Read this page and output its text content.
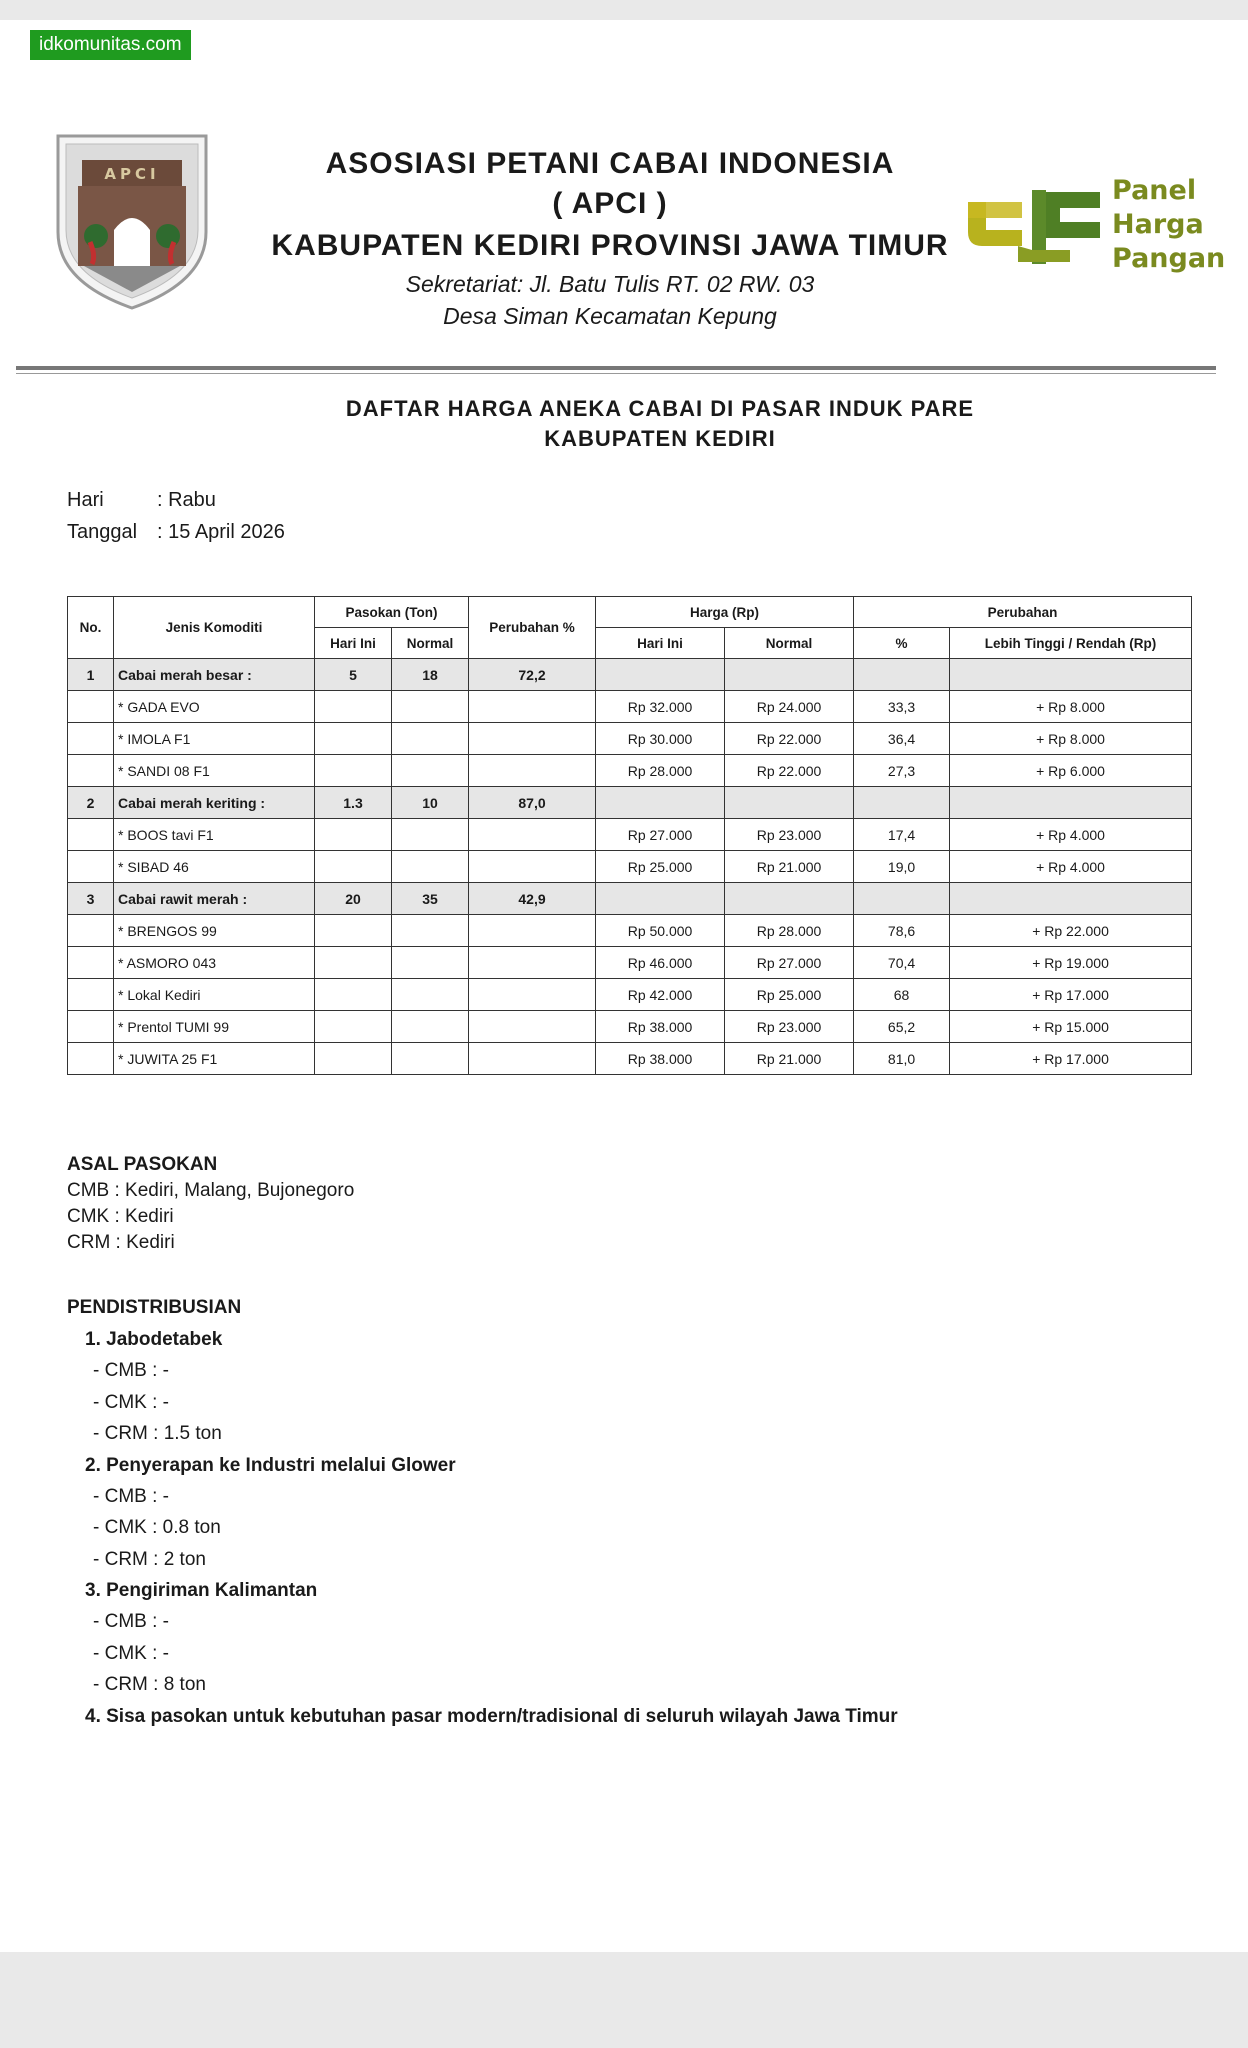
idkomunitas.com
APCI	ASOSIASI PETANI CABAI INDONESIA
( APCI )
KABUPATEN KEDIRI PROVINSI JAWA TIMUR
Sekretariat: Jl. Batu Tulis RT. 02 RW. 03
Desa Siman Kecamatan Kepung
Panel
Harga
Pangan
DAFTAR HARGA ANEKA CABAI DI PASAR INDUK PARE
KABUPATEN KEDIRI
Hari	: Rabu
Tanggal : 15 April 2026
No.	Jenis Komoditi	Pasokan (Ton)		Perubahan %	Harga (Rp)		Perubahan	
		Hari Ini	Normal		Hari Ini	Normal	%	Lebih Tinggi / Rendah (Rp)
1	Cabai merah besar :	5	18	72,2				
	* GADA EVO				Rp 32.000	Rp 24.000	33,3	+ Rp 8.000
	* IMOLA F1				Rp 30.000	Rp 22.000	36,4	+ Rp 8.000
	* SANDI 08 F1				Rp 28.000	Rp 22.000	27,3	+ Rp 6.000
2	Cabai merah keriting :	1.3	10	87,0				
	* BOOS tavi F1				Rp 27.000	Rp 23.000	17,4	+ Rp 4.000
	* SIBAD 46				Rp 25.000	Rp 21.000	19,0	+ Rp 4.000
3	Cabai rawit merah :	20	35	42,9				
	* BRENGOS 99				Rp 50.000	Rp 28.000	78,6	+ Rp 22.000
	* ASMORO 043				Rp 46.000	Rp 27.000	70,4	+ Rp 19.000
	* Lokal Kediri				Rp 42.000	Rp 25.000	68	+ Rp 17.000
	* Prentol TUMI 99				Rp 38.000	Rp 23.000	65,2	+ Rp 15.000
	* JUWITA 25 F1				Rp 38.000	Rp 21.000	81,0	+ Rp 17.000
ASAL PASOKAN
CMB : Kediri, Malang, Bujonegoro
CMK : Kediri
CRM : Kediri
PENDISTRIBUSIAN
1. Jabodetabek
- CMB : -
- CMK : -
- CRM : 1.5 ton
2. Penyerapan ke Industri melalui Glower
- CMB : -
- CMK : 0.8 ton
- CRM : 2 ton
3. Pengiriman Kalimantan
- CMB : -
- CMK : -
- CRM : 8 ton
4. Sisa pasokan untuk kebutuhan pasar modern/tradisional di seluruh wilayah Jawa Timur
